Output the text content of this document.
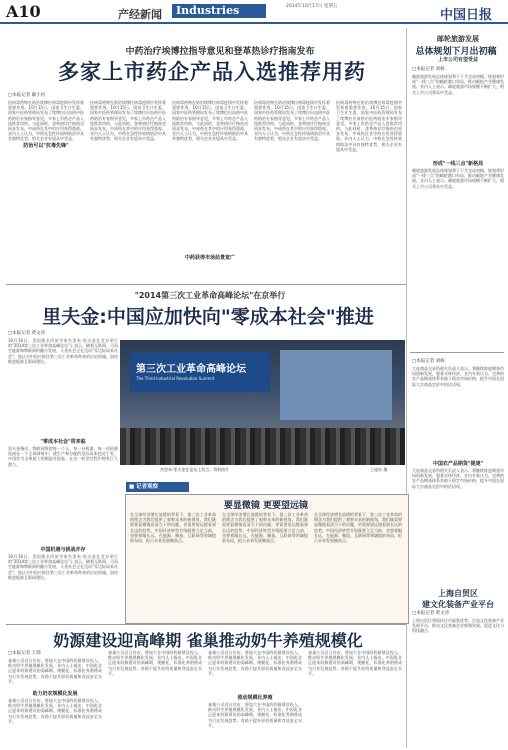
A10	产经新闻	Industries	2014年10月17日 星期五
中国日报
中药治疗埃博拉指导意见和登革热诊疗指南发布
多家上市药企产品入选推荐用药
□本报记者 戴小河
抗病毒药物在防治埃博拉病毒疫情中发挥着重要作用。10月15日，国家卫生计生委、国家中医药管理局发布了埃博拉出血热中医药防治专家指导意见，多家上市药企产品入选推荐用药。与此同时，登革热诊疗指南也同步发布，中成药在其中的应用获得重视。业内人士认为，中药在急性传染病防治中具有独特优势，相关企业有望从中受益。
防治可以"抗毒先锋"
抗病毒药物在防治埃博拉病毒疫情中发挥着重要作用。10月15日，国家卫生计生委、国家中医药管理局发布了埃博拉出血热中医药防治专家指导意见，多家上市药企产品入选推荐用药。与此同时，登革热诊疗指南也同步发布，中成药在其中的应用获得重视。业内人士认为，中药在急性传染病防治中具有独特优势，相关企业有望从中受益。
抗病毒药物在防治埃博拉病毒疫情中发挥着重要作用。10月15日，国家卫生计生委、国家中医药管理局发布了埃博拉出血热中医药防治专家指导意见，多家上市药企产品入选推荐用药。与此同时，登革热诊疗指南也同步发布，中成药在其中的应用获得重视。业内人士认为，中药在急性传染病防治中具有独特优势，相关企业有望从中受益。
中药获得市场前景宽广
抗病毒药物在防治埃博拉病毒疫情中发挥着重要作用。10月15日，国家卫生计生委、国家中医药管理局发布了埃博拉出血热中医药防治专家指导意见，多家上市药企产品入选推荐用药。与此同时，登革热诊疗指南也同步发布，中成药在其中的应用获得重视。业内人士认为，中药在急性传染病防治中具有独特优势，相关企业有望从中受益。
抗病毒药物在防治埃博拉病毒疫情中发挥着重要作用。10月15日，国家卫生计生委、国家中医药管理局发布了埃博拉出血热中医药防治专家指导意见，多家上市药企产品入选推荐用药。与此同时，登革热诊疗指南也同步发布，中成药在其中的应用获得重视。业内人士认为，中药在急性传染病防治中具有独特优势，相关企业有望从中受益。
邮轮旅游发展
总体规划下月出初稿
上市公司有望受益
□本报记者 刘杨
邮轮旅游发展总体规划将于下月完成初稿，规划将形成"一线三点"的邮轮港口布局，推动邮轮产业健康发展。业内人士表示，邮轮旅游市场规模不断扩大，相关上市公司将从中受益。
形成"一线三点"新格局
邮轮旅游发展总体规划将于下月完成初稿，规划将形成"一线三点"的邮轮港口布局，推动邮轮产业健康发展。业内人士表示，邮轮旅游市场规模不断扩大，相关上市公司将从中受益。
"2014第三次工业革命高峰论坛"在京举行
里夫金:中国应加快向"零成本社会"推进
□本报记者 黄文涛
10月16日，美国著名经济学家杰里米·里夫金在北京举行的"2014第三次工业革命高峰论坛"上表示，随着互联网、可再生能源和物联网的融合发展，人类社会正在迈向"零边际成本社会"。他认为中国应抓住第三次工业革命带来的历史机遇，加快推进能源互联网建设。
"零成本社会"将来临
里夫金指出，物联网将把每一个人、每一台机器、每一项资源连接在一个全球网络中，使生产和分配的边际成本趋近于零。中国作为全球最大的制造业国家，在这一转型过程中拥有巨大潜力。
中国机遇与挑战并存
10月16日，美国著名经济学家杰里米·里夫金在北京举行的"2014第三次工业革命高峰论坛"上表示，随着互联网、可再生能源和物联网的融合发展，人类社会正在迈向"零边际成本社会"。他认为中国应抓住第三次工业革命带来的历史机遇，加快推进能源互联网建设。
第三次工业革命高峰论坛
The Third Industrial Revolution Summit
杰里米·里夫金在论坛上发言。资料图片	王旭东 摄
■ 记者观察
要显微镜 更要望远镜
在全球经济增长放缓的背景下，第三次工业革命的理念为我们提供了观察未来的新视角。我们既需要显微镜看清当下的问题，更需要望远镜看到长远的趋势。中国经济转型升级既要立足当前，也要着眼长远，在能源、制造、互联网等领域提前布局，抢占未来发展制高点。
在全球经济增长放缓的背景下，第三次工业革命的理念为我们提供了观察未来的新视角。我们既需要显微镜看清当下的问题，更需要望远镜看到长远的趋势。中国经济转型升级既要立足当前，也要着眼长远，在能源、制造、互联网等领域提前布局，抢占未来发展制高点。
在全球经济增长放缓的背景下，第三次工业革命的理念为我们提供了观察未来的新视角。我们既需要显微镜看清当下的问题，更需要望远镜看到长远的趋势。中国经济转型升级既要立足当前，也要着眼长远，在能源、制造、互联网等领域提前布局，抢占未来发展制高点。
□本报记者 刘杨
大连商品交易所相关负责人表示，将继续推进期货市场创新发展，服务实体经济。业内专家认为，完善的农产品期货体系有助于稳定市场价格，提升中国在国际大宗商品定价中的话语权。
中国农产品期货"提速"
大连商品交易所相关负责人表示，将继续推进期货市场创新发展，服务实体经济。业内专家认为，完善的农产品期货体系有助于稳定市场价格，提升中国在国际大宗商品定价中的话语权。
上海自贸区
建文化装备产业平台
□本报记者 黄文涛
上海自贸区将依托区内政策优势，打造文化装备产业发展平台，推动文化装备企业集聚发展，促进文化与科技融合。
奶源建设迎高峰期 雀巢推动奶牛养殖规模化
□本报记者 王锦
雀巢公司近日宣布，将加大在中国的奶源建设投入，推动奶牛养殖规模化发展。业内人士指出，中国乳业正迎来奶源建设的高峰期，规模化、标准化养殖将成为行业发展趋势，有助于提升原奶质量和食品安全水平。
助力奶农规模化发展
雀巢公司近日宣布，将加大在中国的奶源建设投入，推动奶牛养殖规模化发展。业内人士指出，中国乳业正迎来奶源建设的高峰期，规模化、标准化养殖将成为行业发展趋势，有助于提升原奶质量和食品安全水平。
雀巢公司近日宣布，将加大在中国的奶源建设投入，推动奶牛养殖规模化发展。业内人士指出，中国乳业正迎来奶源建设的高峰期，规模化、标准化养殖将成为行业发展趋势，有助于提升原奶质量和食品安全水平。
推动规模化养殖
雀巢公司近日宣布，将加大在中国的奶源建设投入，推动奶牛养殖规模化发展。业内人士指出，中国乳业正迎来奶源建设的高峰期，规模化、标准化养殖将成为行业发展趋势，有助于提升原奶质量和食品安全水平。
雀巢公司近日宣布，将加大在中国的奶源建设投入，推动奶牛养殖规模化发展。业内人士指出，中国乳业正迎来奶源建设的高峰期，规模化、标准化养殖将成为行业发展趋势，有助于提升原奶质量和食品安全水平。
雀巢公司近日宣布，将加大在中国的奶源建设投入，推动奶牛养殖规模化发展。业内人士指出，中国乳业正迎来奶源建设的高峰期，规模化、标准化养殖将成为行业发展趋势，有助于提升原奶质量和食品安全水平。
